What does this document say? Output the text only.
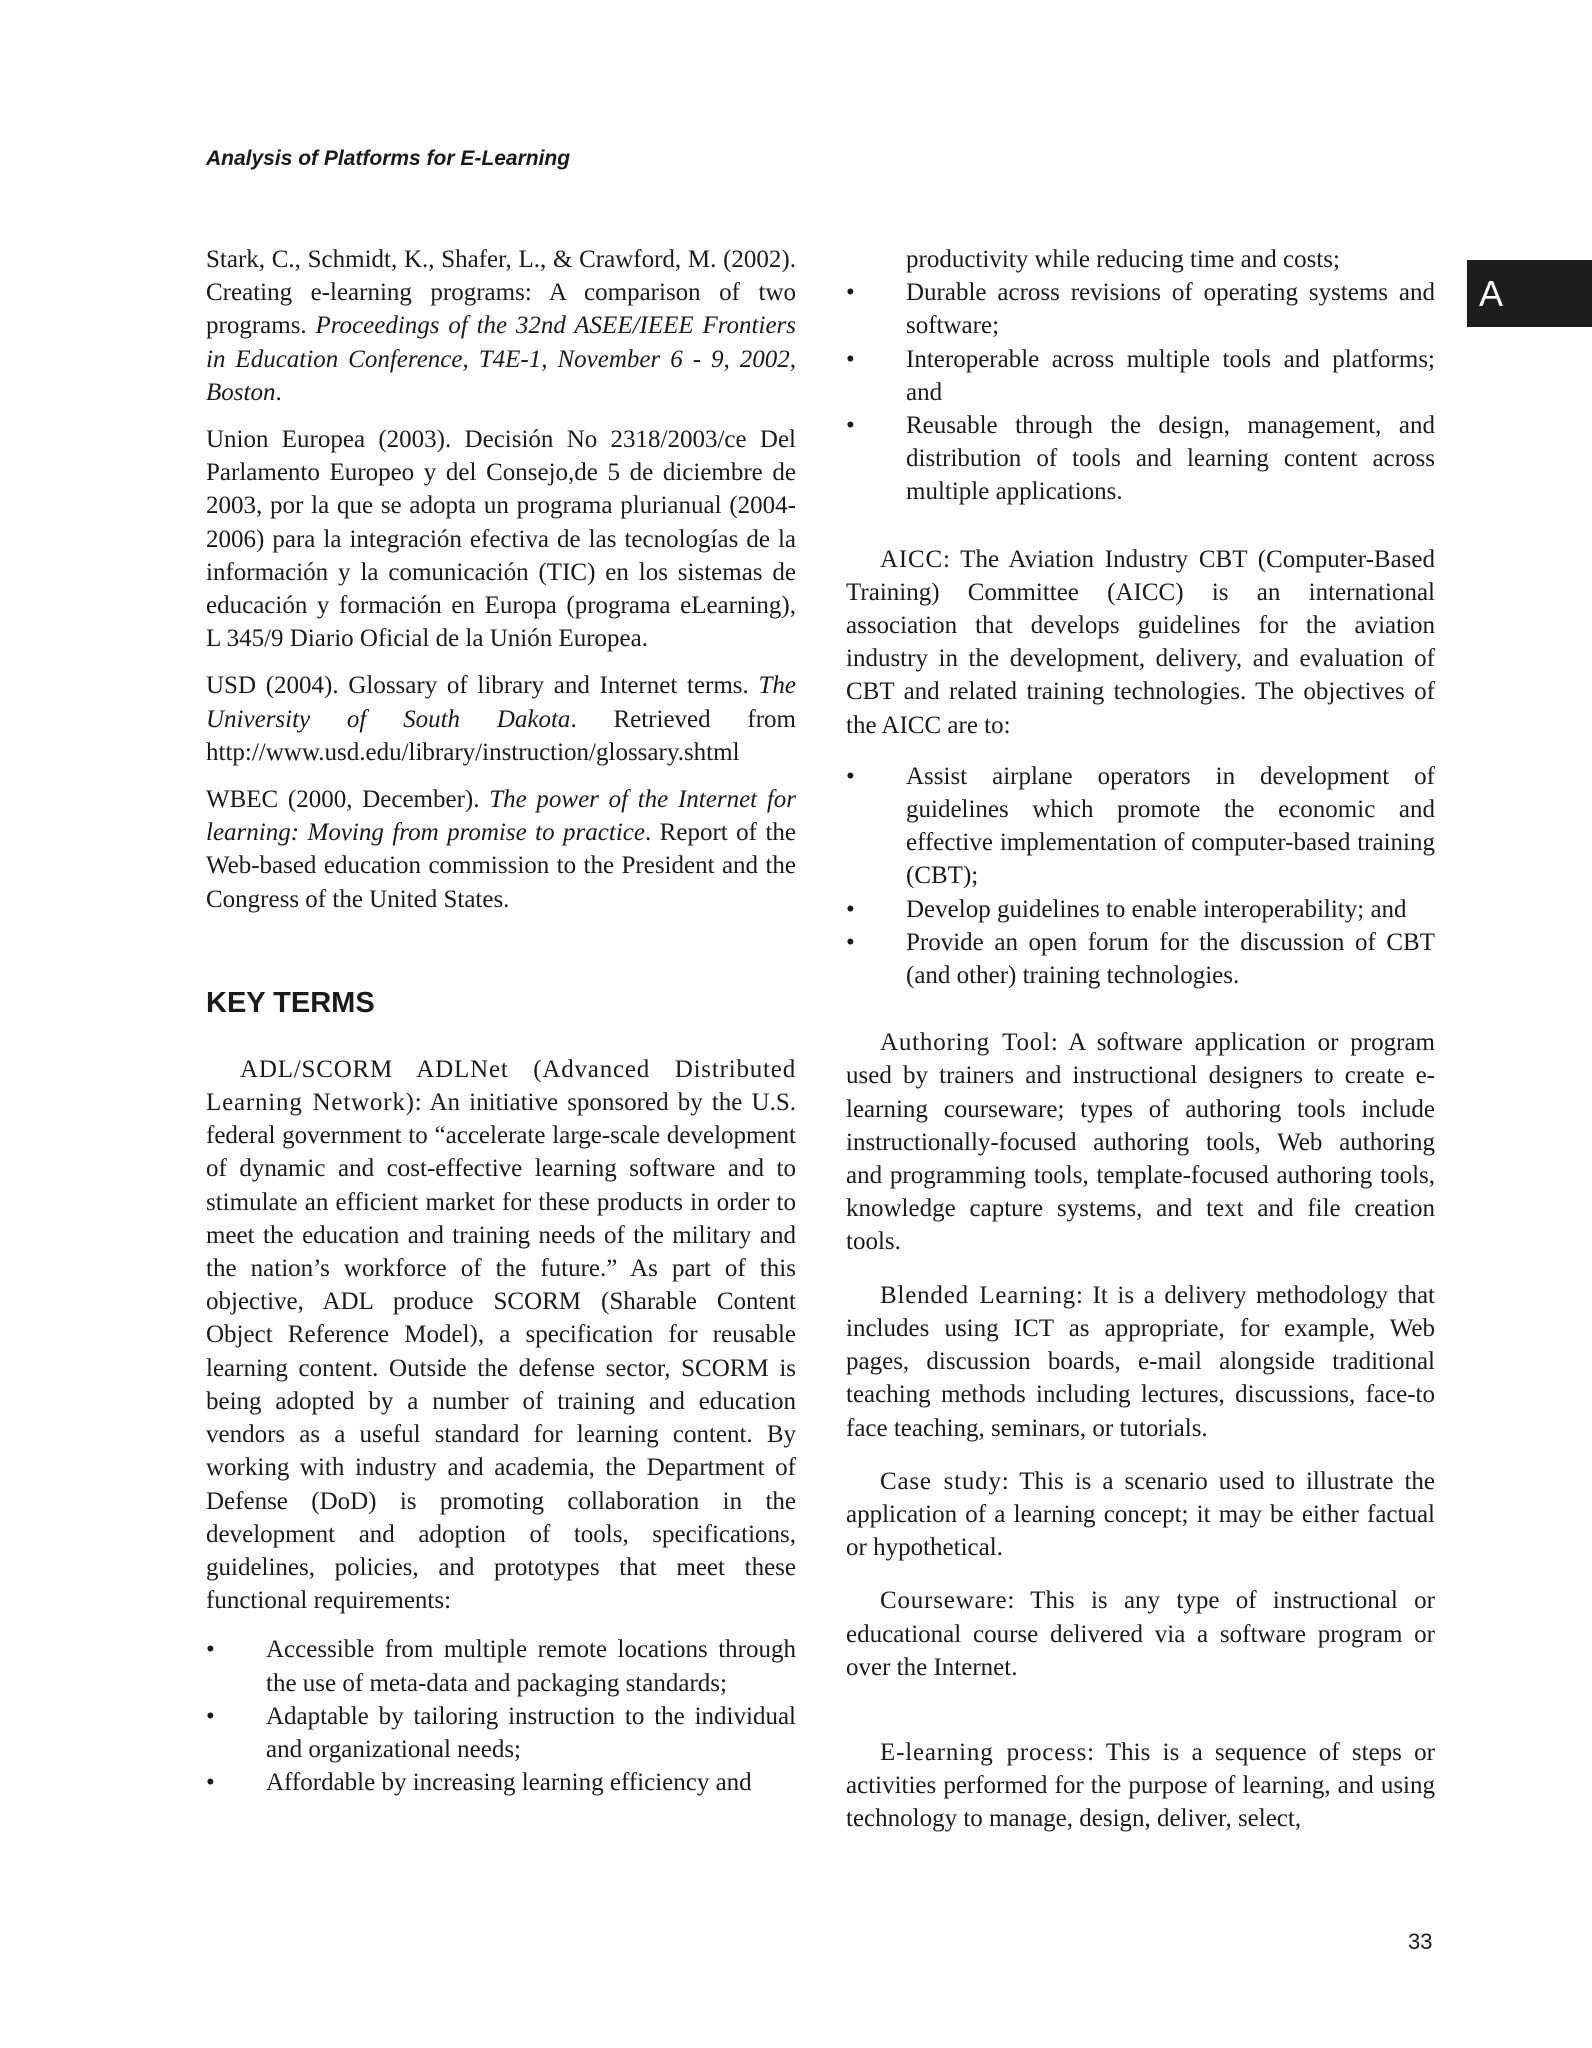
Analysis of Platforms for E-Learning
A

Stark, C., Schmidt, K., Shafer, L., & Crawford, M. (2002). Creating e-learning programs: A comparison of two programs. Proceedings of the 32nd ASEE/IEEE Frontiers in Education Conference, T4E-1, November 6 - 9, 2002, Boston.

Union Europea (2003). Decisión No 2318/2003/ce Del Parlamento Europeo y del Consejo,de 5 de diciembre de 2003, por la que se adopta un programa plurianual (2004-2006) para la integración efectiva de las tecnologías de la información y la comunicación (TIC) en los sistemas de educación y formación en Europa (programa eLearning), L 345/9 Diario Oficial de la Unión Europea.

USD (2004). Glossary of library and Internet terms. The University of South Dakota. Retrieved from http://www.usd.edu/library/instruction/glossary.shtml

WBEC (2000, December). The power of the Internet for learning: Moving from promise to practice. Report of the Web-based education commission to the President and the Congress of the United States.

KEY TERMS

ADL/SCORM ADLNet (Advanced Distributed Learning Network): An initiative sponsored by the U.S. federal government to “accelerate large-scale development of dynamic and cost-effective learning software and to stimulate an efficient market for these products in order to meet the education and training needs of the military and the nation’s workforce of the future.” As part of this objective, ADL produce SCORM (Sharable Content Object Reference Model), a specification for reusable learning content. Outside the defense sector, SCORM is being adopted by a number of training and education vendors as a useful standard for learning content. By working with industry and academia, the Department of Defense (DoD) is promoting collaboration in the development and adoption of tools, specifications, guidelines, policies, and prototypes that meet these functional requirements:

• Accessible from multiple remote locations through the use of meta-data and packaging standards;
• Adaptable by tailoring instruction to the individual and organizational needs;
• Affordable by increasing learning efficiency and
productivity while reducing time and costs;
• Durable across revisions of operating systems and software;
• Interoperable across multiple tools and platforms; and
• Reusable through the design, management, and distribution of tools and learning content across multiple applications.

AICC: The Aviation Industry CBT (Computer-Based Training) Committee (AICC) is an international association that develops guidelines for the aviation industry in the development, delivery, and evaluation of CBT and related training technologies. The objectives of the AICC are to:

• Assist airplane operators in development of guidelines which promote the economic and effective implementation of computer-based training (CBT);
• Develop guidelines to enable interoperability; and
• Provide an open forum for the discussion of CBT (and other) training technologies.

Authoring Tool: A software application or program used by trainers and instructional designers to create e-learning courseware; types of authoring tools include instructionally-focused authoring tools, Web authoring and programming tools, template-focused authoring tools, knowledge capture systems, and text and file creation tools.

Blended Learning: It is a delivery methodology that includes using ICT as appropriate, for example, Web pages, discussion boards, e-mail alongside traditional teaching methods including lectures, discussions, face-to face teaching, seminars, or tutorials.

Case study: This is a scenario used to illustrate the application of a learning concept; it may be either factual or hypothetical.

Courseware: This is any type of instructional or educational course delivered via a software program or over the Internet.

E-learning process: This is a sequence of steps or activities performed for the purpose of learning, and using technology to manage, design, deliver, select,

33
